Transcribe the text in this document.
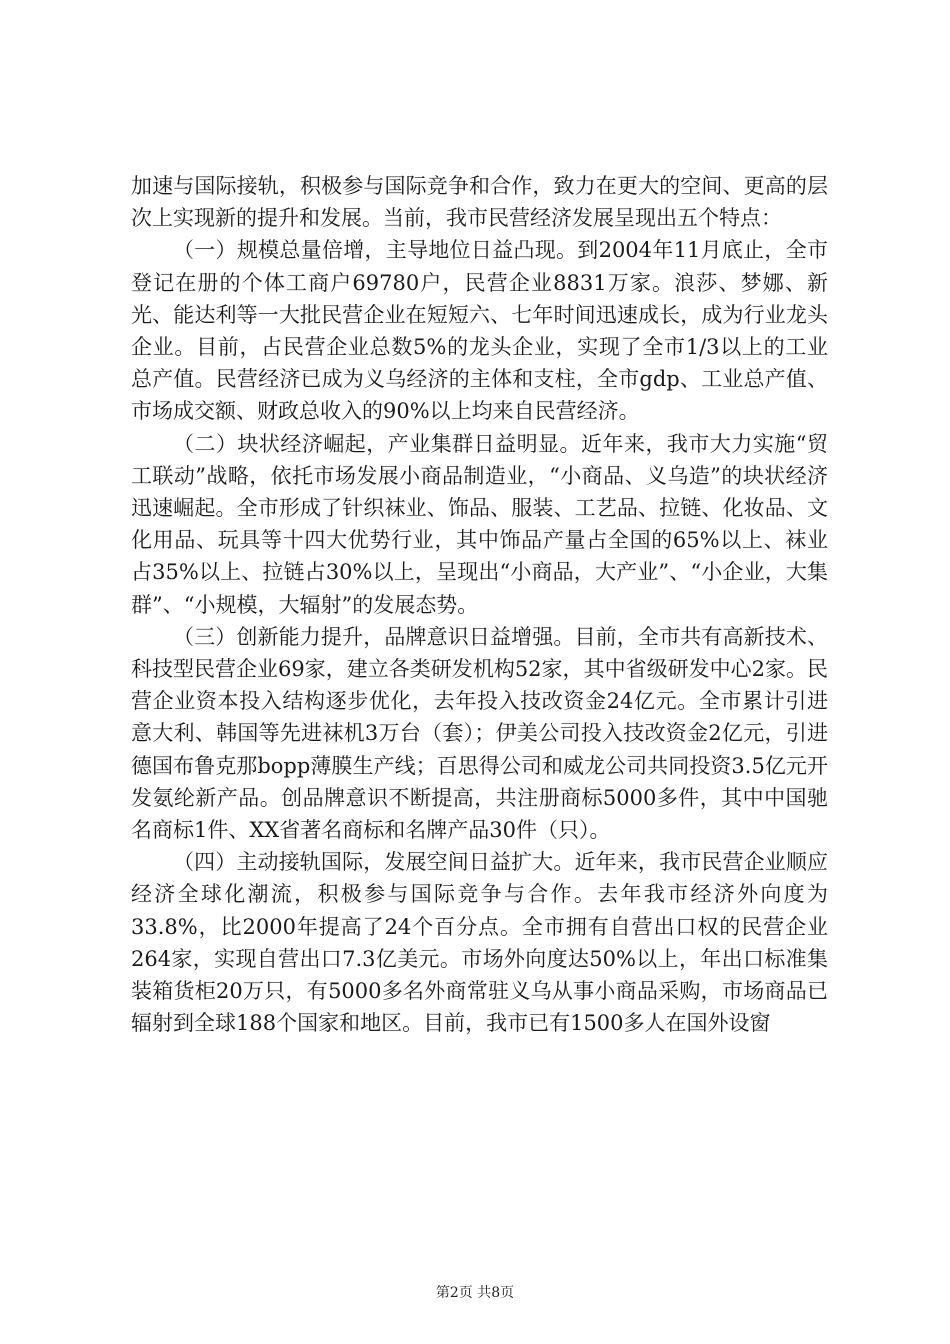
加速与国际接轨，积极参与国际竞争和合作，致力在更大的空间、更高的层次上实现新的提升和发展。当前，我市民营经济发展呈现出五个特点：

（一）规模总量倍增，主导地位日益凸现。到2004年11月底止，全市登记在册的个体工商户69780户，民营企业8831万家。浪莎、梦娜、新光、能达利等一大批民营企业在短短六、七年时间迅速成长，成为行业龙头企业。目前，占民营企业总数5%的龙头企业，实现了全市1/3以上的工业总产值。民营经济已成为义乌经济的主体和支柱，全市gdp、工业总产值、市场成交额、财政总收入的90%以上均来自民营经济。

（二）块状经济崛起，产业集群日益明显。近年来，我市大力实施“贸工联动”战略，依托市场发展小商品制造业，“小商品、义乌造”的块状经济迅速崛起。全市形成了针织袜业、饰品、服装、工艺品、拉链、化妆品、文化用品、玩具等十四大优势行业，其中饰品产量占全国的65%以上、袜业占35%以上、拉链占30%以上，呈现出“小商品，大产业”、“小企业，大集群”、“小规模，大辐射”的发展态势。

（三）创新能力提升，品牌意识日益增强。目前，全市共有高新技术、科技型民营企业69家，建立各类研发机构52家，其中省级研发中心2家。民营企业资本投入结构逐步优化，去年投入技改资金24亿元。全市累计引进意大利、韩国等先进袜机3万台（套）；伊美公司投入技改资金2亿元，引进德国布鲁克那bopp薄膜生产线；百思得公司和威龙公司共同投资3.5亿元开发氨纶新产品。创品牌意识不断提高，共注册商标5000多件，其中中国驰名商标1件、XX省著名商标和名牌产品30件（只）。

（四）主动接轨国际，发展空间日益扩大。近年来，我市民营企业顺应经济全球化潮流，积极参与国际竞争与合作。去年我市经济外向度为33.8%，比2000年提高了24个百分点。全市拥有自营出口权的民营企业264家，实现自营出口7.3亿美元。市场外向度达50%以上，年出口标准集装箱货柜20万只，有5000多名外商常驻义乌从事小商品采购，市场商品已辐射到全球188个国家和地区。目前，我市已有1500多人在国外设窗

第2页 共8页
